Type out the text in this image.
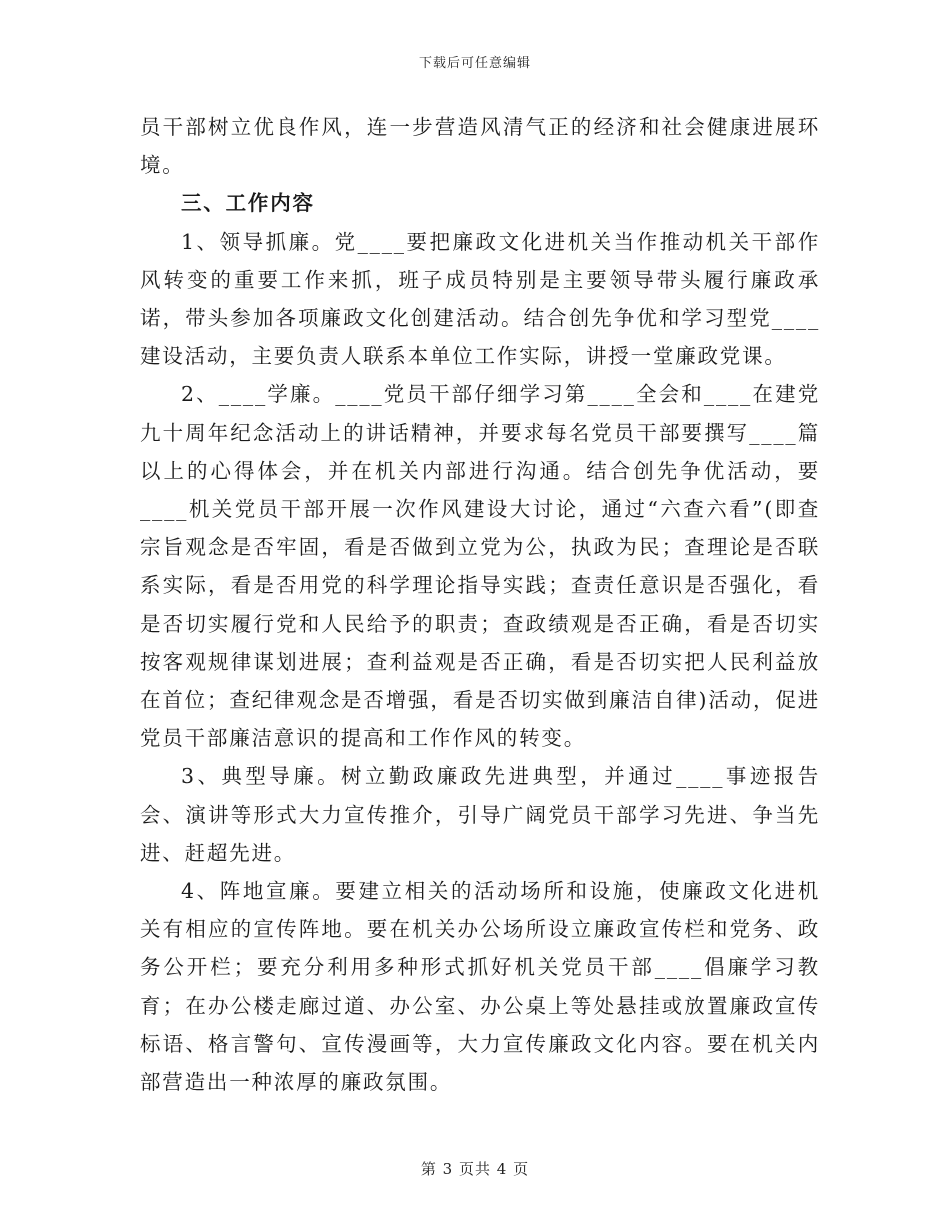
下载后可任意编辑

员干部树立优良作风，连一步营造风清气正的经济和社会健康进展环境。

三、工作内容

1、领导抓廉。党____要把廉政文化进机关当作推动机关干部作风转变的重要工作来抓，班子成员特别是主要领导带头履行廉政承诺，带头参加各项廉政文化创建活动。结合创先争优和学习型党____建设活动，主要负责人联系本单位工作实际，讲授一堂廉政党课。

2、____学廉。____党员干部仔细学习第____全会和____在建党九十周年纪念活动上的讲话精神，并要求每名党员干部要撰写____篇以上的心得体会，并在机关内部进行沟通。结合创先争优活动，要____机关党员干部开展一次作风建设大讨论，通过“六查六看”(即查宗旨观念是否牢固，看是否做到立党为公，执政为民；查理论是否联系实际，看是否用党的科学理论指导实践；查责任意识是否强化，看是否切实履行党和人民给予的职责；查政绩观是否正确，看是否切实按客观规律谋划进展；查利益观是否正确，看是否切实把人民利益放在首位；查纪律观念是否增强，看是否切实做到廉洁自律)活动，促进党员干部廉洁意识的提高和工作作风的转变。

3、典型导廉。树立勤政廉政先进典型，并通过____事迹报告会、演讲等形式大力宣传推介，引导广阔党员干部学习先进、争当先进、赶超先进。

4、阵地宣廉。要建立相关的活动场所和设施，使廉政文化进机关有相应的宣传阵地。要在机关办公场所设立廉政宣传栏和党务、政务公开栏；要充分利用多种形式抓好机关党员干部____倡廉学习教育；在办公楼走廊过道、办公室、办公桌上等处悬挂或放置廉政宣传标语、格言警句、宣传漫画等，大力宣传廉政文化内容。要在机关内部营造出一种浓厚的廉政氛围。

第 3 页共 4 页
